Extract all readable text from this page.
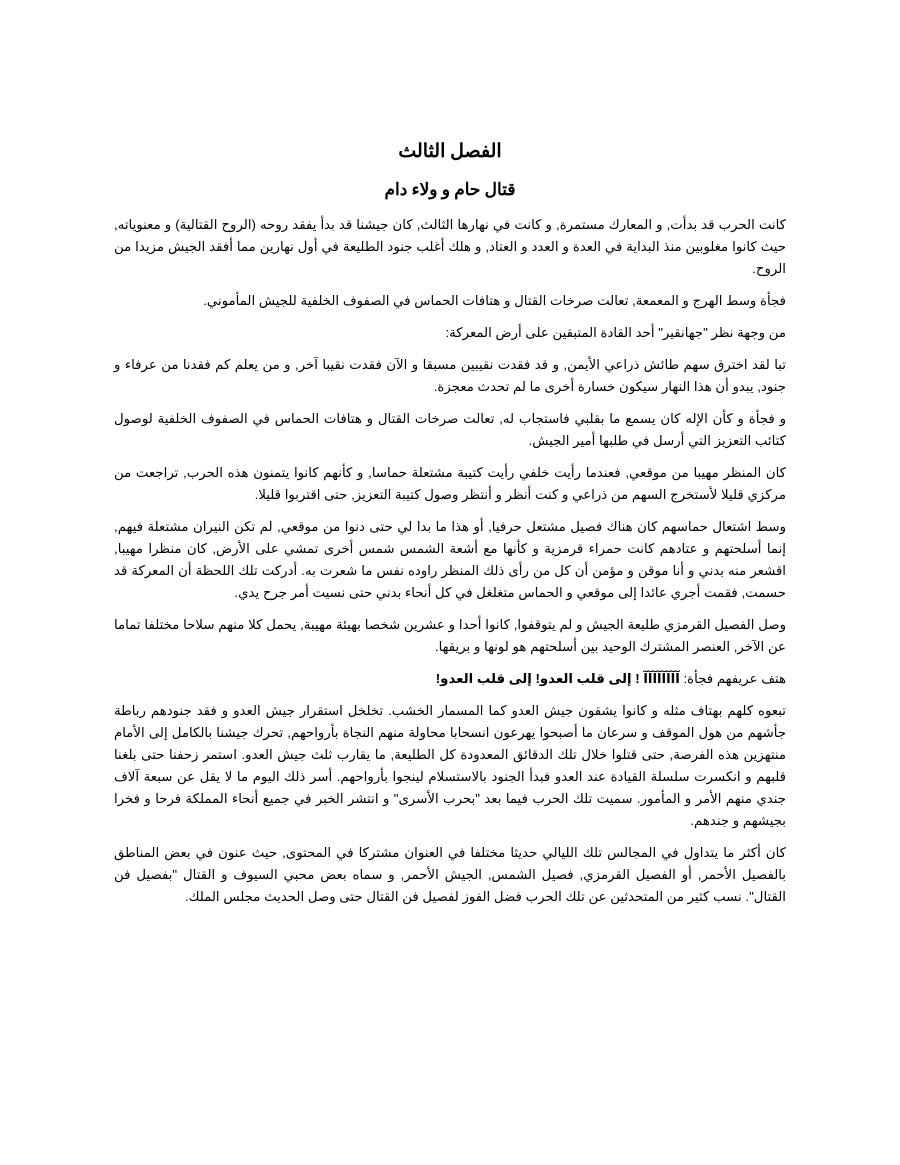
الفصل الثالث
قتال حام و ولاء دام

كانت الحرب قد بدأت, و المعارك مستمرة, و كانت في نهارها الثالث, كان جيشنا قد بدأ يفقد روحه (الروح القتالية) و معنوياته, حيث كانوا مغلوبين منذ البداية في العدة و العدد و العتاد, و هلك أغلب جنود الطليعة في أول نهارين مما أفقد الجيش مزيدا من الروح.

فجأة وسط الهرج و المعمعة, تعالت صرخات القتال و هتافات الحماس في الصفوف الخلفية للجيش المأموني.

من وجهة نظر "جهانقير" أحد القادة المتبقين على أرض المعركة:

تبا لقد اخترق سهم طائش ذراعي الأيمن, و قد فقدت نقيبين مسبقا و الآن فقدت نقيبا آخر, و من يعلم كم فقدنا من عرفاء و جنود, يبدو أن هذا النهار سيكون خسارة أخرى ما لم تحدث معجزة.

و فجأة و كأن الإله كان يسمع ما بقلبي فاستجاب له, تعالت صرخات القتال و هتافات الحماس في الصفوف الخلفية لوصول كتائب التعزيز التي أرسل في طلبها أمير الجيش.

كان المنظر مهيبا من موقعي, فعندما رأيت خلفي رأيت كتيبة مشتعلة حماسا, و كأنهم كانوا يتمنون هذه الحرب, تراجعت من مركزي قليلا لأستخرج السهم من ذراعي و كنت أنظر و أنتظر وصول كتيبة التعزيز, حتى اقتربوا قليلا.

وسط اشتعال حماسهم كان هناك فصيل مشتعل حرفيا, أو هذا ما بدا لي حتى دنوا من موقعي, لم تكن النيران مشتعلة فيهم, إنما أسلحتهم و عتادهم كانت حمراء قرمزية و كأنها مع أشعة الشمس شمس أخرى تمشي على الأرض, كان منظرا مهيبا, اقشعر منه بدني و أنا موقن و مؤمن أن كل من رأى ذلك المنظر راوده نفس ما شعرت به. أدركت تلك اللحظة أن المعركة قد حسمت, فقمت أجري عائدا إلى موقعي و الحماس متغلغل في كل أنحاء بدني حتى نسيت أمر جرح يدي.

وصل الفصيل القرمزي طليعة الجيش و لم يتوقفوا, كانوا أحدا و عشرين شخصا بهيئة مهيبة, يحمل كلا منهم سلاحا مختلفا تماما عن الآخر, العنصر المشترك الوحيد بين أسلحتهم هو لونها و بريقها.

هتف عريفهم فجأة: آآآآآآآآ ! إلى قلب العدو! إلى قلب العدو!

تبعوه كلهم بهتاف مثله و كانوا يشقون جيش العدو كما المسمار الخشب. تخلخل استقرار جيش العدو و فقد جنودهم رباطة جأشهم من هول الموقف و سرعان ما أصبحوا يهرعون انسحابا محاولة منهم النجاة بأرواحهم, تحرك جيشنا بالكامل إلى الأمام منتهزين هذه الفرصة, حتى قتلوا خلال تلك الدقائق المعدودة كل الطليعة, ما يقارب ثلث جيش العدو. استمر زحفنا حتى بلغنا قلبهم و انكسرت سلسلة القيادة عند العدو فبدأ الجنود بالاستسلام لينجوا بأرواحهم. أسر ذلك اليوم ما لا يقل عن سبعة آلاف جندي منهم الأمر و المأمور. سميت تلك الحرب فيما بعد "بحرب الأسرى" و انتشر الخبر في جميع أنحاء المملكة فرحا و فخرا بجيشهم و جندهم.

كان أكثر ما يتداول في المجالس تلك الليالي حديثا مختلفا في العنوان مشتركا في المحتوى, حيث عنون في بعض المناطق بالفصيل الأحمر, أو الفصيل القرمزي, فصيل الشمس, الجيش الأحمر, و سماه بعض محبي السيوف و القتال "بفصيل فن القتال". نسب كثير من المتحدثين عن تلك الحرب فضل الفوز لفصيل فن القتال حتى وصل الحديث مجلس الملك.
